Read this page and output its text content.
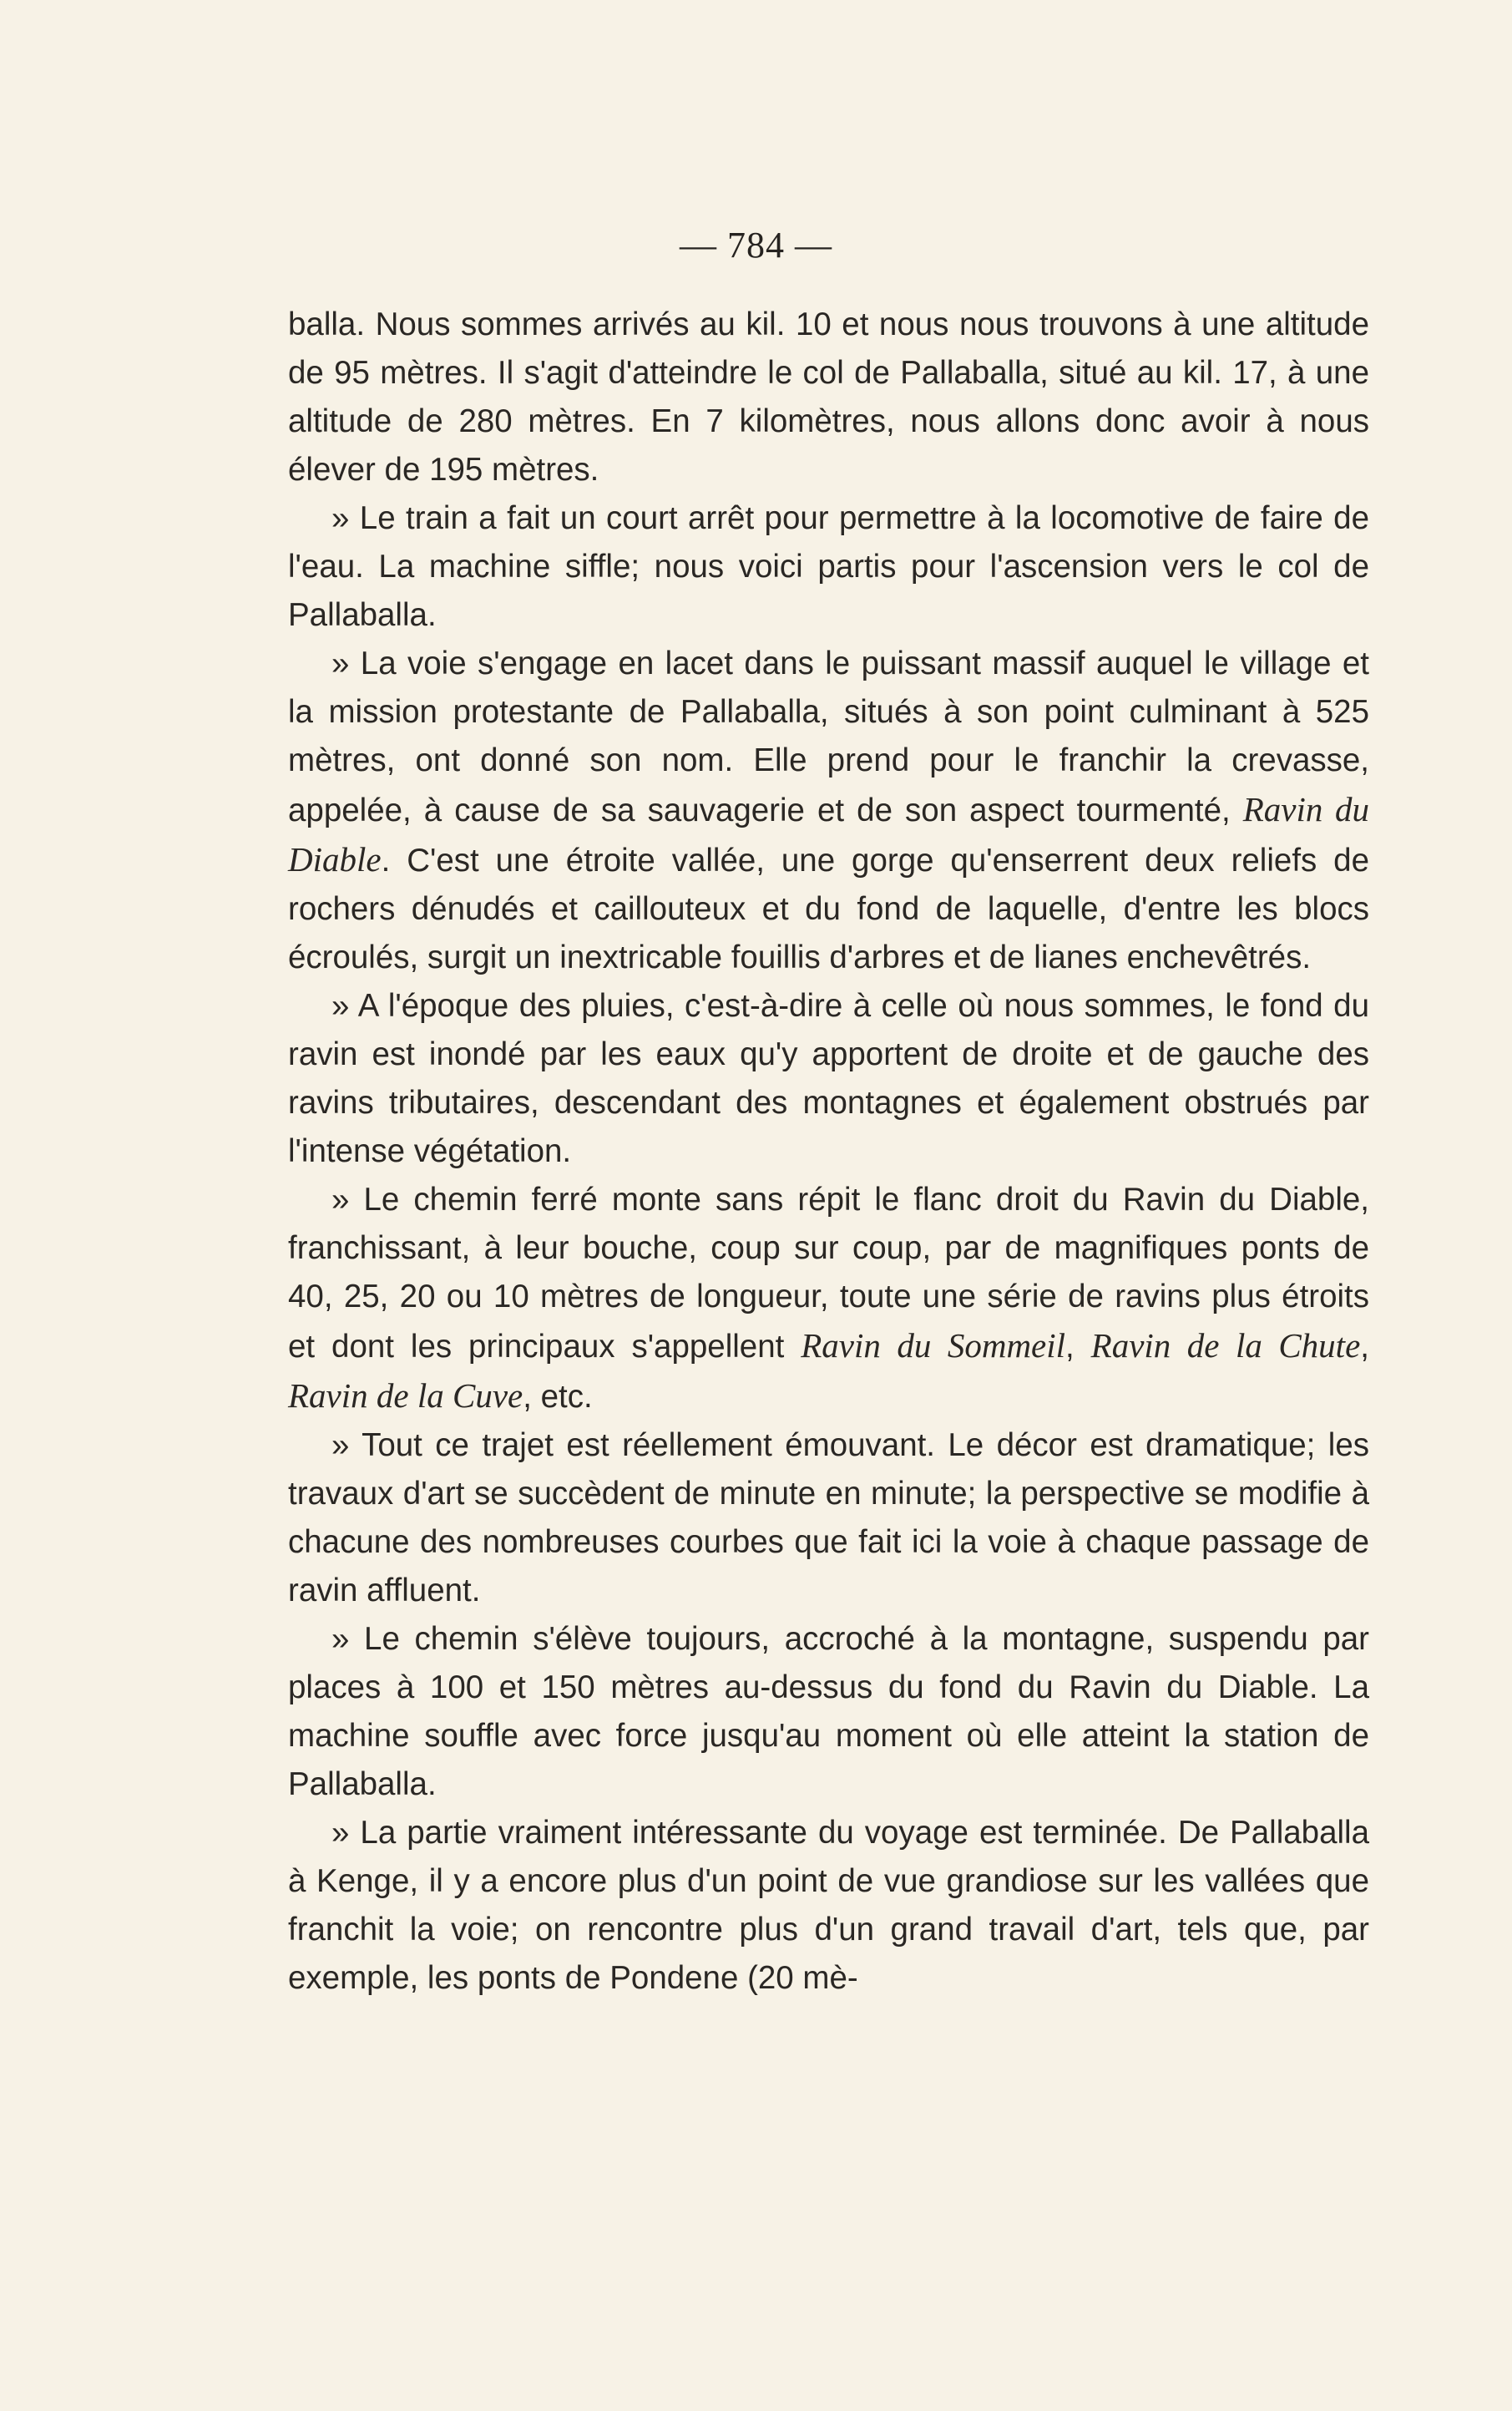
— 784 —

balla. Nous sommes arrivés au kil. 10 et nous nous trouvons à une altitude de 95 mètres. Il s'agit d'atteindre le col de Pallaballa, situé au kil. 17, à une altitude de 280 mètres. En 7 kilomètres, nous allons donc avoir à nous élever de 195 mètres.

» Le train a fait un court arrêt pour permettre à la locomotive de faire de l'eau. La machine siffle; nous voici partis pour l'ascension vers le col de Pallaballa.

» La voie s'engage en lacet dans le puissant massif auquel le village et la mission protestante de Pallaballa, situés à son point culminant à 525 mètres, ont donné son nom. Elle prend pour le franchir la crevasse, appelée, à cause de sa sauvagerie et de son aspect tourmenté, Ravin du Diable. C'est une étroite vallée, une gorge qu'enserrent deux reliefs de rochers dénudés et caillouteux et du fond de laquelle, d'entre les blocs écroulés, surgit un inextricable fouillis d'arbres et de lianes enchevêtrés.

» A l'époque des pluies, c'est-à-dire à celle où nous sommes, le fond du ravin est inondé par les eaux qu'y apportent de droite et de gauche des ravins tributaires, descendant des montagnes et également obstrués par l'intense végétation.

» Le chemin ferré monte sans répit le flanc droit du Ravin du Diable, franchissant, à leur bouche, coup sur coup, par de magnifiques ponts de 40, 25, 20 ou 10 mètres de longueur, toute une série de ravins plus étroits et dont les principaux s'appellent Ravin du Sommeil, Ravin de la Chute, Ravin de la Cuve, etc.

» Tout ce trajet est réellement émouvant. Le décor est dramatique; les travaux d'art se succèdent de minute en minute; la perspective se modifie à chacune des nombreuses courbes que fait ici la voie à chaque passage de ravin affluent.

» Le chemin s'élève toujours, accroché à la montagne, suspendu par places à 100 et 150 mètres au-dessus du fond du Ravin du Diable. La machine souffle avec force jusqu'au moment où elle atteint la station de Pallaballa.

» La partie vraiment intéressante du voyage est terminée. De Pallaballa à Kenge, il y a encore plus d'un point de vue grandiose sur les vallées que franchit la voie; on rencontre plus d'un grand travail d'art, tels que, par exemple, les ponts de Pondene (20 mè-
